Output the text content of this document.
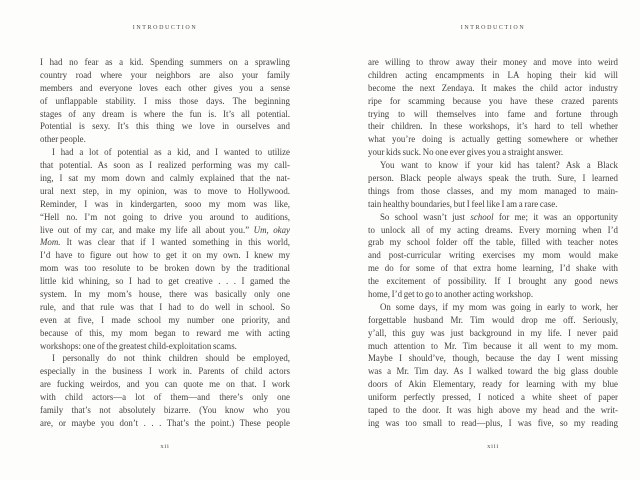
INTRODUCTION
I had no fear as a kid. Spending summers on a sprawling
country road where your neighbors are also your family
members and everyone loves each other gives you a sense
of unflappable stability. I miss those days. The beginning
stages of any dream is where the fun is. It’s all potential.
Potential is sexy. It’s this thing we love in ourselves and
other people.
I had a lot of potential as a kid, and I wanted to utilize
that potential. As soon as I realized performing was my call-
ing, I sat my mom down and calmly explained that the nat-
ural next step, in my opinion, was to move to Hollywood.
Reminder, I was in kindergarten, sooo my mom was like,
“Hell no. I’m not going to drive you around to auditions,
live out of my car, and make my life all about you.” Um, okay
Mom. It was clear that if I wanted something in this world,
I’d have to figure out how to get it on my own. I knew my
mom was too resolute to be broken down by the traditional
little kid whining, so I had to get creative . . . I gamed the
system. In my mom’s house, there was basically only one
rule, and that rule was that I had to do well in school. So
even at five, I made school my number one priority, and
because of this, my mom began to reward me with acting
workshops: one of the greatest child-exploitation scams.
I personally do not think children should be employed,
especially in the business I work in. Parents of child actors
are fucking weirdos, and you can quote me on that. I work
with child actors—a lot of them—and there’s only one
family that’s not absolutely bizarre. (You know who you
are, or maybe you don’t . . . That’s the point.) These people
xii
INTRODUCTION
are willing to throw away their money and move into weird
children acting encampments in LA hoping their kid will
become the next Zendaya. It makes the child actor industry
ripe for scamming because you have these crazed parents
trying to will themselves into fame and fortune through
their children. In these workshops, it’s hard to tell whether
what you’re doing is actually getting somewhere or whether
your kids suck. No one ever gives you a straight answer.
You want to know if your kid has talent? Ask a Black
person. Black people always speak the truth. Sure, I learned
things from those classes, and my mom managed to main-
tain healthy boundaries, but I feel like I am a rare case.
So school wasn’t just school for me; it was an opportunity
to unlock all of my acting dreams. Every morning when I’d
grab my school folder off the table, filled with teacher notes
and post-curricular writing exercises my mom would make
me do for some of that extra home learning, I’d shake with
the excitement of possibility. If I brought any good news
home, I’d get to go to another acting workshop.
On some days, if my mom was going in early to work, her
forgettable husband Mr. Tim would drop me off. Seriously,
y’all, this guy was just background in my life. I never paid
much attention to Mr. Tim because it all went to my mom.
Maybe I should’ve, though, because the day I went missing
was a Mr. Tim day. As I walked toward the big glass double
doors of Akin Elementary, ready for learning with my blue
uniform perfectly pressed, I noticed a white sheet of paper
taped to the door. It was high above my head and the writ-
ing was too small to read—plus, I was five, so my reading
xiii
